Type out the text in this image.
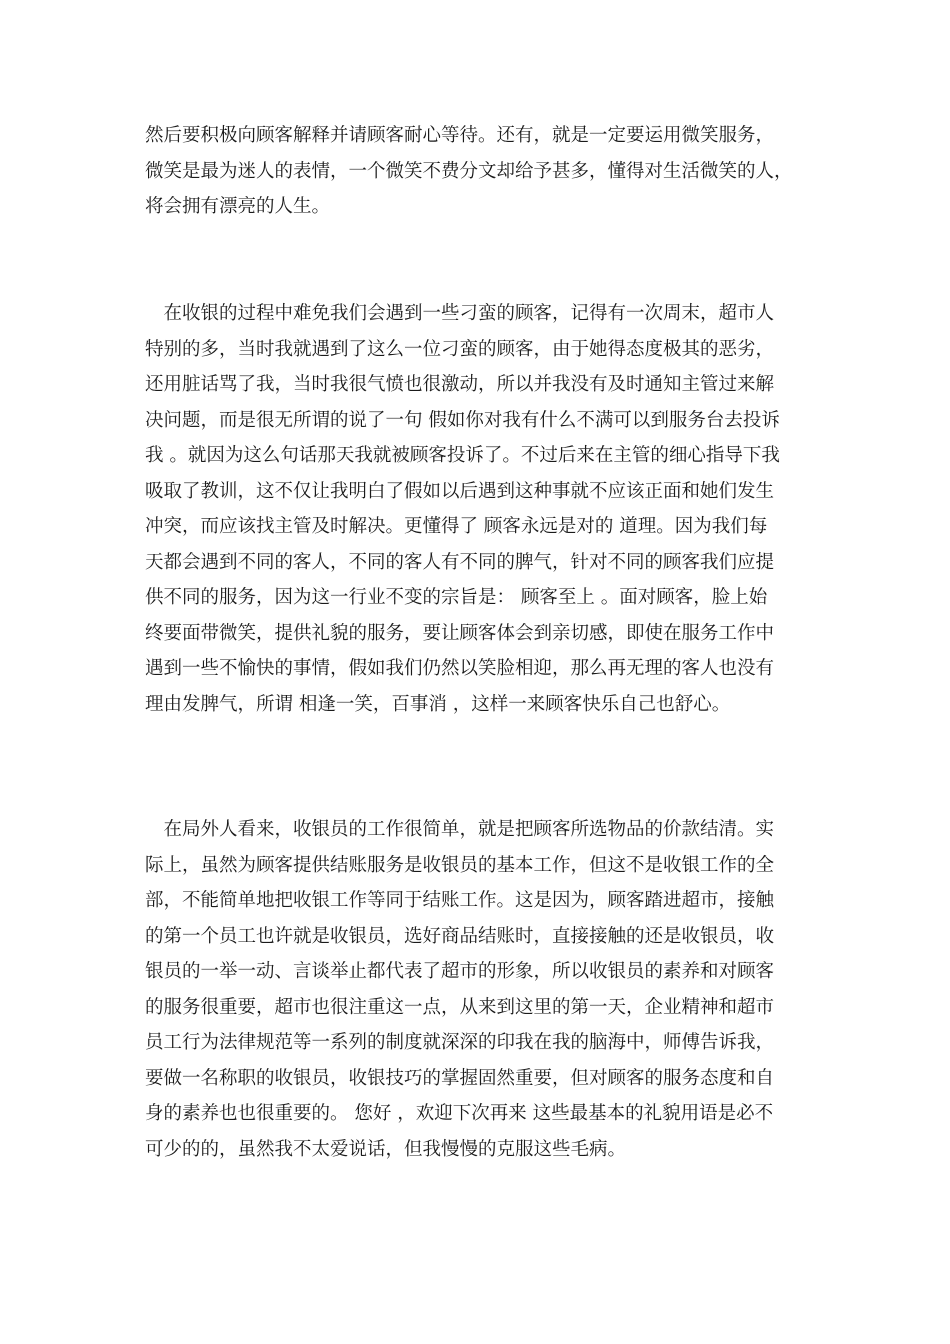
然后要积极向顾客解释并请顾客耐心等待。还有，就是一定要运用微笑服务，
微笑是最为迷人的表情，一个微笑不费分文却给予甚多，懂得对生活微笑的人，
将会拥有漂亮的人生。
　在收银的过程中难免我们会遇到一些刁蛮的顾客，记得有一次周末，超市人
特别的多，当时我就遇到了这么一位刁蛮的顾客，由于她得态度极其的恶劣，
还用脏话骂了我，当时我很气愤也很激动，所以并我没有及时通知主管过来解
决问题，而是很无所谓的说了一句 假如你对我有什么不满可以到服务台去投诉
我 。就因为这么句话那天我就被顾客投诉了。不过后来在主管的细心指导下我
吸取了教训，这不仅让我明白了假如以后遇到这种事就不应该正面和她们发生
冲突，而应该找主管及时解决。更懂得了 顾客永远是对的 道理。因为我们每
天都会遇到不同的客人，不同的客人有不同的脾气，针对不同的顾客我们应提
供不同的服务，因为这一行业不变的宗旨是： 顾客至上 。面对顾客，脸上始
终要面带微笑，提供礼貌的服务，要让顾客体会到亲切感，即使在服务工作中
遇到一些不愉快的事情，假如我们仍然以笑脸相迎，那么再无理的客人也没有
理由发脾气，所谓 相逢一笑，百事消 ，这样一来顾客快乐自己也舒心。
　在局外人看来，收银员的工作很简单，就是把顾客所选物品的价款结清。实
际上，虽然为顾客提供结账服务是收银员的基本工作，但这不是收银工作的全
部，不能简单地把收银工作等同于结账工作。这是因为，顾客踏进超市，接触
的第一个员工也许就是收银员，选好商品结账时，直接接触的还是收银员，收
银员的一举一动、言谈举止都代表了超市的形象，所以收银员的素养和对顾客
的服务很重要，超市也很注重这一点，从来到这里的第一天，企业精神和超市
员工行为法律规范等一系列的制度就深深的印我在我的脑海中，师傅告诉我，
要做一名称职的收银员，收银技巧的掌握固然重要，但对顾客的服务态度和自
身的素养也也很重要的。 您好 ，欢迎下次再来 这些最基本的礼貌用语是必不
可少的的，虽然我不太爱说话，但我慢慢的克服这些毛病。
